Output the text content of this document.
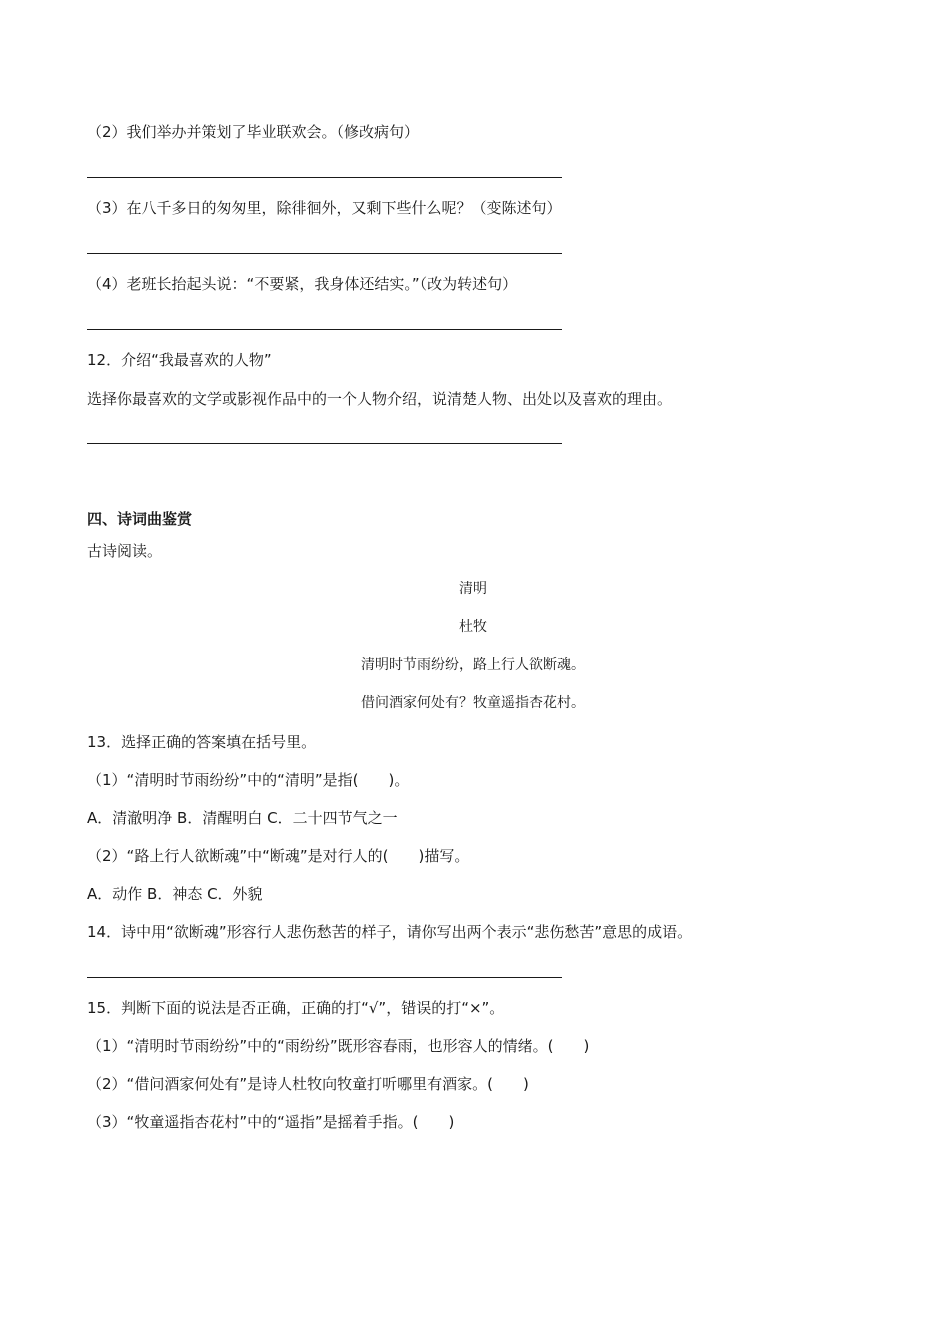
（2）我们举办并策划了毕业联欢会。（修改病句）
（3）在八千多日的匆匆里，除徘徊外，又剩下些什么呢？（变陈述句）
（4）老班长抬起头说：“不要紧，我身体还结实。”（改为转述句）
12．介绍“我最喜欢的人物”
选择你最喜欢的文学或影视作品中的一个人物介绍，说清楚人物、出处以及喜欢的理由。
四、诗词曲鉴赏
古诗阅读。
清明
杜牧
清明时节雨纷纷，路上行人欲断魂。
借问酒家何处有？牧童遥指杏花村。
13．选择正确的答案填在括号里。
（1）“清明时节雨纷纷”中的“清明”是指(　　)。
A．清澈明净 B．清醒明白 C．二十四节气之一
（2）“路上行人欲断魂”中“断魂”是对行人的(　　)描写。
A．动作 B．神态 C．外貌
14．诗中用“欲断魂”形容行人悲伤愁苦的样子，请你写出两个表示“悲伤愁苦”意思的成语。
15．判断下面的说法是否正确，正确的打“√”，错误的打“×”。
（1）“清明时节雨纷纷”中的“雨纷纷”既形容春雨，也形容人的情绪。(　　)
（2）“借问酒家何处有”是诗人杜牧向牧童打听哪里有酒家。(　　)
（3）“牧童遥指杏花村”中的“遥指”是摇着手指。(　　)
